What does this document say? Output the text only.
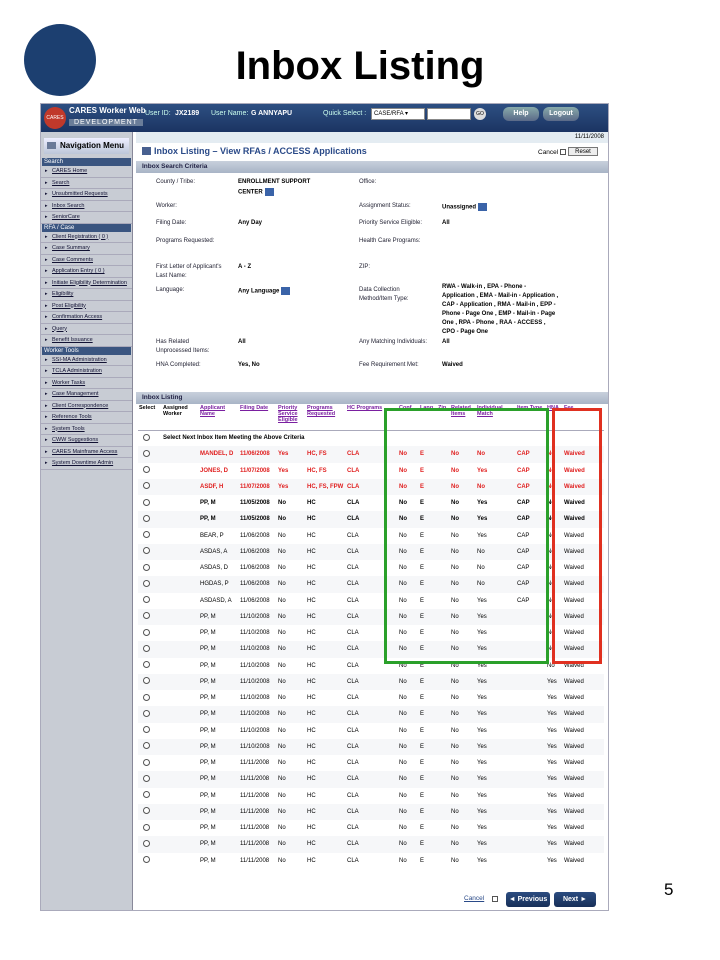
Inbox Listing
CARES
CARES Worker Web
DEVELOPMENT
User ID: JX2189 User Name: G ANNYAPU	Quick Select :	CASE/RFA ▾	GO	Help	Logout
11/11/2008
Navigation Menu
Search
▸ CARES Home
▸ Search
▸ Unsubmitted Requests
▸ Inbox Search
▸ SeniorCare
RFA / Case
▸ Client Registration ( 0 )
▸ Case Summary
▸ Case Comments
▸ Application Entry ( 0 )
▸ Initiate Eligibility Determination
▸ Eligibility
▸ Post Eligibility
▸ Confirmation Access
▸ Query
▸ Benefit Issuance
Worker Tools
▸ SSI-MA Administration
▸ TCLA Administration
▸ Worker Tasks
▸ Case Management
▸ Client Correspondence
▸ Reference Tools
▸ System Tools
▸ CWW Suggestions
▸ CARES Mainframe Access
▸ System Downtime Admin
Inbox Listing – View RFAs / ACCESS Applications	Cancel	Reset
Inbox Search Criteria
County / Tribe:	ENROLLMENT SUPPORT
CENTER
Office:
Worker:	Assignment Status:	Unassigned
Filing Date:	Any Day	Priority Service Eligible:	All
Programs Requested:	Health Care Programs:
First Letter of Applicant's
Last Name:
A - Z	ZIP:
Language:	Any Language	Data Collection
Method/Item Type:
RWA - Walk-in , EPA - Phone -
Application , EMA - Mail-in - Application ,
CAP - Application , RMA - Mail-in , EPP -
Phone - Page One , EMP - Mail-in - Page
One , RPA - Phone , RAA - ACCESS ,
CPO - Page One
Has Related
Unprocessed Items:
All	Any Matching Individuals: All
HNA Completed:	Yes, No	Fee Requirement Met:	Waived
Inbox Listing
Select	Assigned Worker	Applicant Name	Filing Date	Priority Service Eligible	Programs Requested	HC Programs	Conf	Lang	Zip	Related Items	Individual Match	Item Type	HNA	Fee
	Select Next Inbox Item Meeting the Above Criteria													
		MANDEL, D	11/06/2008	Yes	HC, FS	CLA	No	E		No	No	CAP	No	Waived
		JONES, D	11/07/2008	Yes	HC, FS	CLA	No	E		No	Yes	CAP	No	Waived
		ASDF, H	11/07/2008	Yes	HC, FS, FPW	CLA	No	E		No	No	CAP	No	Waived
		PP, M	11/05/2008	No	HC	CLA	No	E		No	Yes	CAP	No	Waived
		PP, M	11/05/2008	No	HC	CLA	No	E		No	Yes	CAP	No	Waived
		BEAR, P	11/06/2008	No	HC	CLA	No	E		No	Yes	CAP	No	Waived
		ASDAS, A	11/06/2008	No	HC	CLA	No	E		No	No	CAP	No	Waived
		ASDAS, D	11/06/2008	No	HC	CLA	No	E		No	No	CAP	No	Waived
		HGDAS, P	11/06/2008	No	HC	CLA	No	E		No	No	CAP	No	Waived
		ASDASD, A	11/06/2008	No	HC	CLA	No	E		No	Yes	CAP	No	Waived
		PP, M	11/10/2008	No	HC	CLA	No	E		No	Yes		No	Waived
		PP, M	11/10/2008	No	HC	CLA	No	E		No	Yes		No	Waived
		PP, M	11/10/2008	No	HC	CLA	No	E		No	Yes		No	Waived
		PP, M	11/10/2008	No	HC	CLA	No	E		No	Yes		No	Waived
		PP, M	11/10/2008	No	HC	CLA	No	E		No	Yes		Yes	Waived
		PP, M	11/10/2008	No	HC	CLA	No	E		No	Yes		Yes	Waived
		PP, M	11/10/2008	No	HC	CLA	No	E		No	Yes		Yes	Waived
		PP, M	11/10/2008	No	HC	CLA	No	E		No	Yes		Yes	Waived
		PP, M	11/10/2008	No	HC	CLA	No	E		No	Yes		Yes	Waived
		PP, M	11/11/2008	No	HC	CLA	No	E		No	Yes		Yes	Waived
		PP, M	11/11/2008	No	HC	CLA	No	E		No	Yes		Yes	Waived
		PP, M	11/11/2008	No	HC	CLA	No	E		No	Yes		Yes	Waived
		PP, M	11/11/2008	No	HC	CLA	No	E		No	Yes		Yes	Waived
		PP, M	11/11/2008	No	HC	CLA	No	E		No	Yes		Yes	Waived
		PP, M	11/11/2008	No	HC	CLA	No	E		No	Yes		Yes	Waived
		PP, M	11/11/2008	No	HC	CLA	No	E		No	Yes		Yes	Waived
Cancel	◄ Previous	Next ►
5
